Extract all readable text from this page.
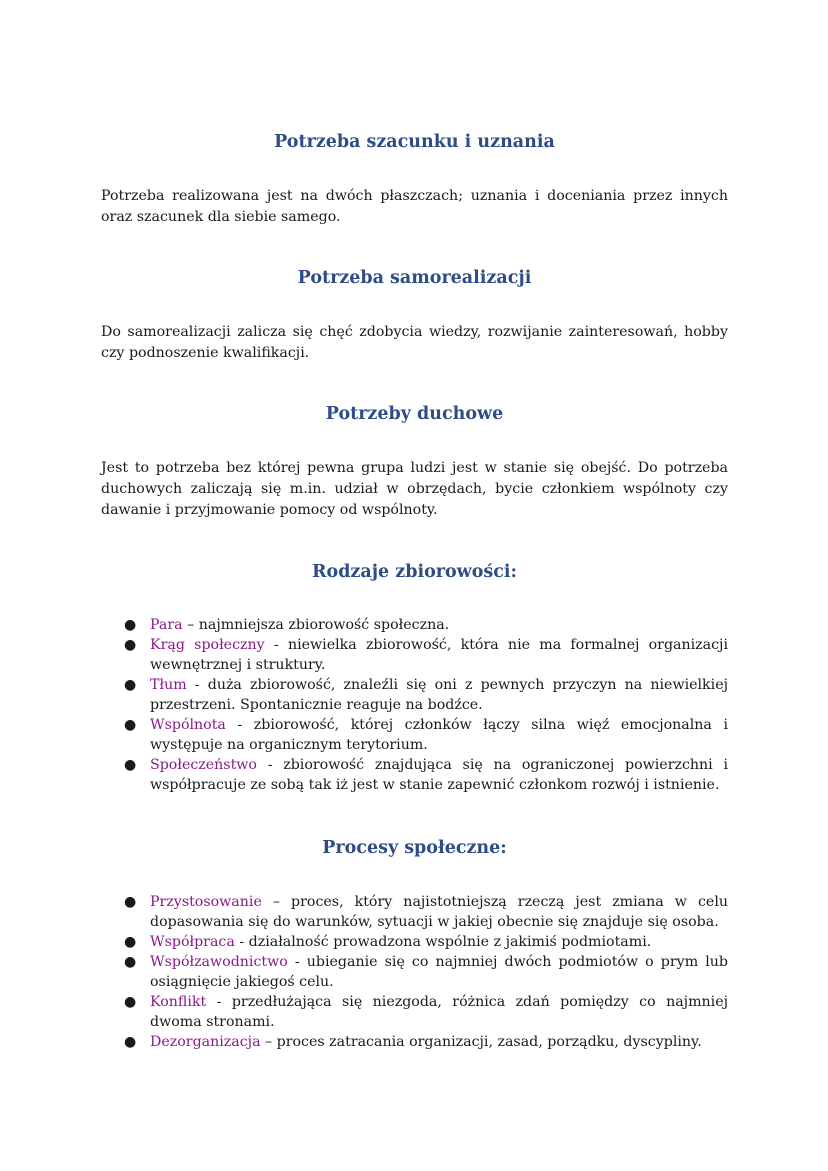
Potrzeba szacunku i uznania

Potrzeba realizowana jest na dwóch płaszczach; uznania i doceniania przez innych oraz szacunek dla siebie samego.

Potrzeba samorealizacji

Do samorealizacji zalicza się chęć zdobycia wiedzy, rozwijanie zainteresowań, hobby czy podnoszenie kwalifikacji.

Potrzeby duchowe

Jest to potrzeba bez której pewna grupa ludzi jest w stanie się obejść. Do potrzeba duchowych zaliczają się m.in. udział w obrzędach, bycie członkiem wspólnoty czy dawanie i przyjmowanie pomocy od wspólnoty.

Rodzaje zbiorowości:
● Para – najmniejsza zbiorowość społeczna.
● Krąg społeczny - niewielka zbiorowość, która nie ma formalnej organizacji wewnętrznej i struktury.
● Tłum - duża zbiorowość, znaleźli się oni z pewnych przyczyn na niewielkiej przestrzeni. Spontanicznie reaguje na bodźce.
● Wspólnota - zbiorowość, której członków łączy silna więź emocjonalna i występuje na organicznym terytorium.
● Społeczeństwo - zbiorowość znajdująca się na ograniczonej powierzchni i współpracuje ze sobą tak iż jest w stanie zapewnić członkom rozwój i istnienie.
Procesy społeczne:
● Przystosowanie – proces, który najistotniejszą rzeczą jest zmiana w celu dopasowania się do warunków, sytuacji w jakiej obecnie się znajduje się osoba.
● Współpraca - działalność prowadzona wspólnie z jakimiś podmiotami.
● Współzawodnictwo - ubieganie się co najmniej dwóch podmiotów o prym lub osiągnięcie jakiegoś celu.
● Konflikt - przedłużająca się niezgoda, różnica zdań pomiędzy co najmniej dwoma stronami.
● Dezorganizacja – proces zatracania organizacji, zasad, porządku, dyscypliny.
